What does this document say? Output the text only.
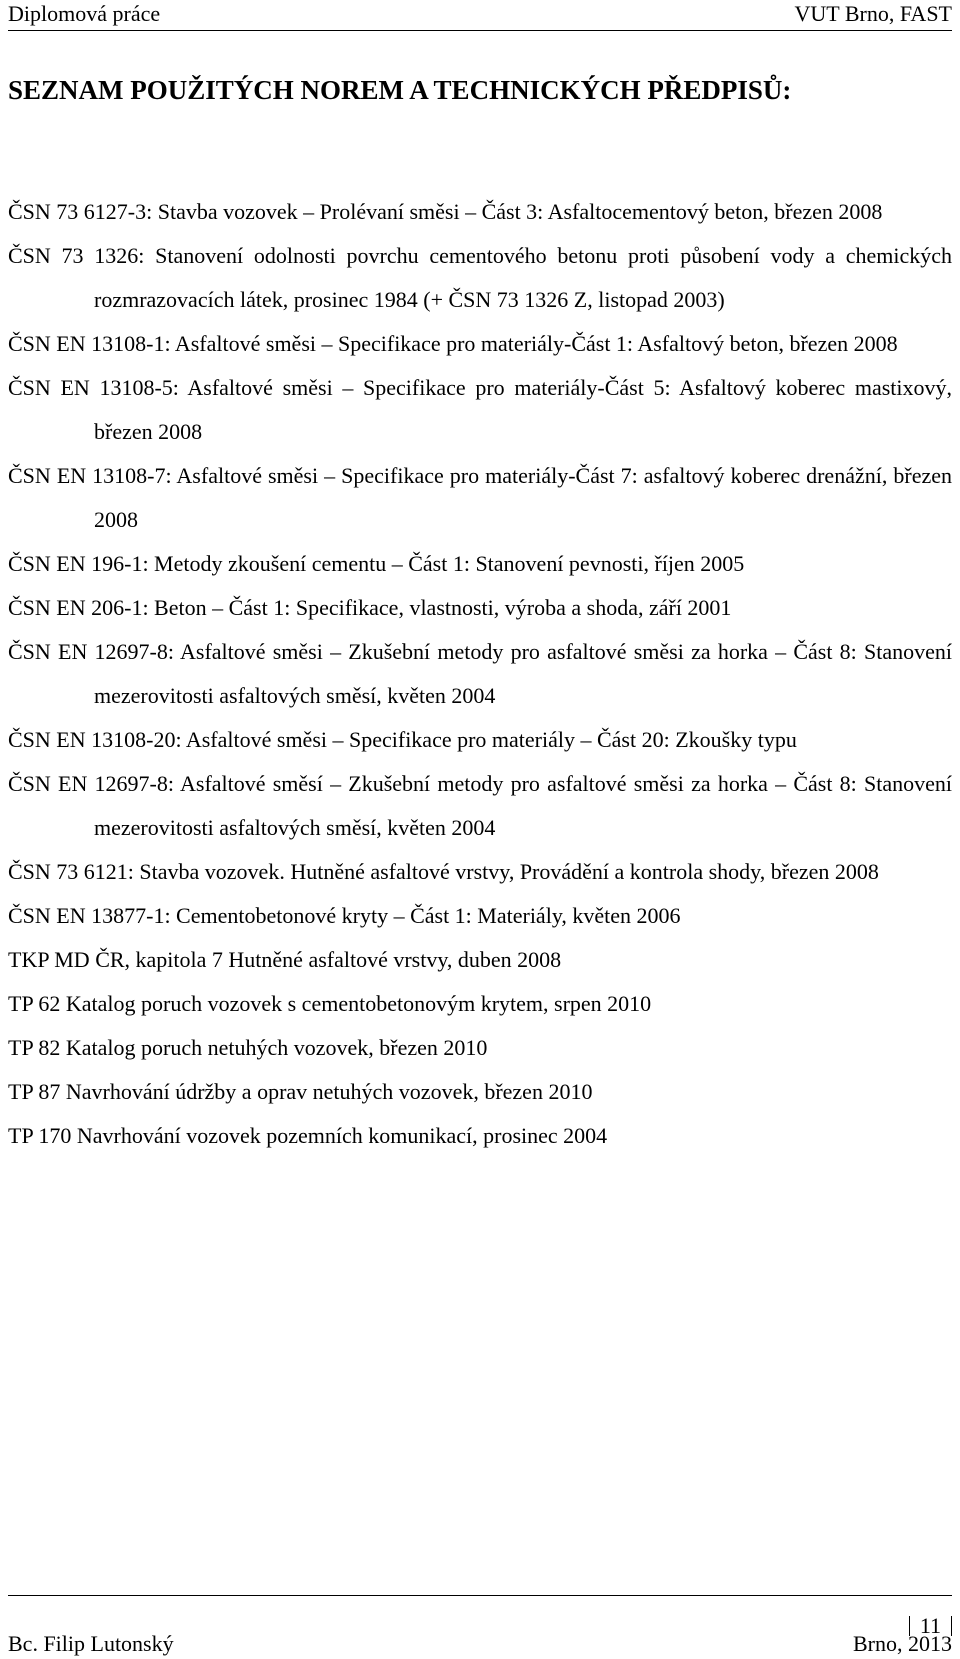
Diplomová práce	VUT Brno, FAST
SEZNAM POUŽITÝCH NOREM A TECHNICKÝCH PŘEDPISŮ:
ČSN 73 6127-3: Stavba vozovek – Prolévaní směsi – Část 3: Asfaltocementový beton, březen 2008
ČSN 73 1326: Stanovení odolnosti povrchu cementového betonu proti působení vody a chemických rozmrazovacích látek, prosinec 1984 (+ ČSN 73 1326 Z, listopad 2003)
ČSN EN 13108-1: Asfaltové směsi – Specifikace pro materiály-Část 1: Asfaltový beton, březen 2008
ČSN EN 13108-5: Asfaltové směsi – Specifikace pro materiály-Část 5: Asfaltový koberec mastixový, březen 2008
ČSN EN 13108-7: Asfaltové směsi – Specifikace pro materiály-Část 7: asfaltový koberec drenážní, březen 2008
ČSN EN 196-1: Metody zkoušení cementu – Část 1: Stanovení pevnosti, říjen 2005
ČSN EN 206-1: Beton – Část 1: Specifikace, vlastnosti, výroba a shoda, září 2001
ČSN EN 12697-8: Asfaltové směsi – Zkušební metody pro asfaltové směsi za horka – Část 8: Stanovení mezerovitosti asfaltových směsí, květen 2004
ČSN EN 13108-20: Asfaltové směsi – Specifikace pro materiály – Část 20: Zkoušky typu
ČSN EN 12697-8: Asfaltové směsí – Zkušební metody pro asfaltové směsi za horka – Část 8: Stanovení mezerovitosti asfaltových směsí, květen 2004
ČSN 73 6121: Stavba vozovek. Hutněné asfaltové vrstvy, Provádění a kontrola shody, březen 2008
ČSN EN 13877-1: Cementobetonové kryty – Část 1: Materiály, květen 2006
TKP MD ČR, kapitola 7 Hutněné asfaltové vrstvy, duben 2008
TP 62 Katalog poruch vozovek s cementobetonovým krytem, srpen 2010
TP 82 Katalog poruch netuhých vozovek, březen 2010
TP 87 Navrhování údržby a oprav netuhých vozovek, březen 2010
TP 170 Navrhování vozovek pozemních komunikací, prosinec 2004
11
Bc. Filip Lutonský	Brno, 2013
